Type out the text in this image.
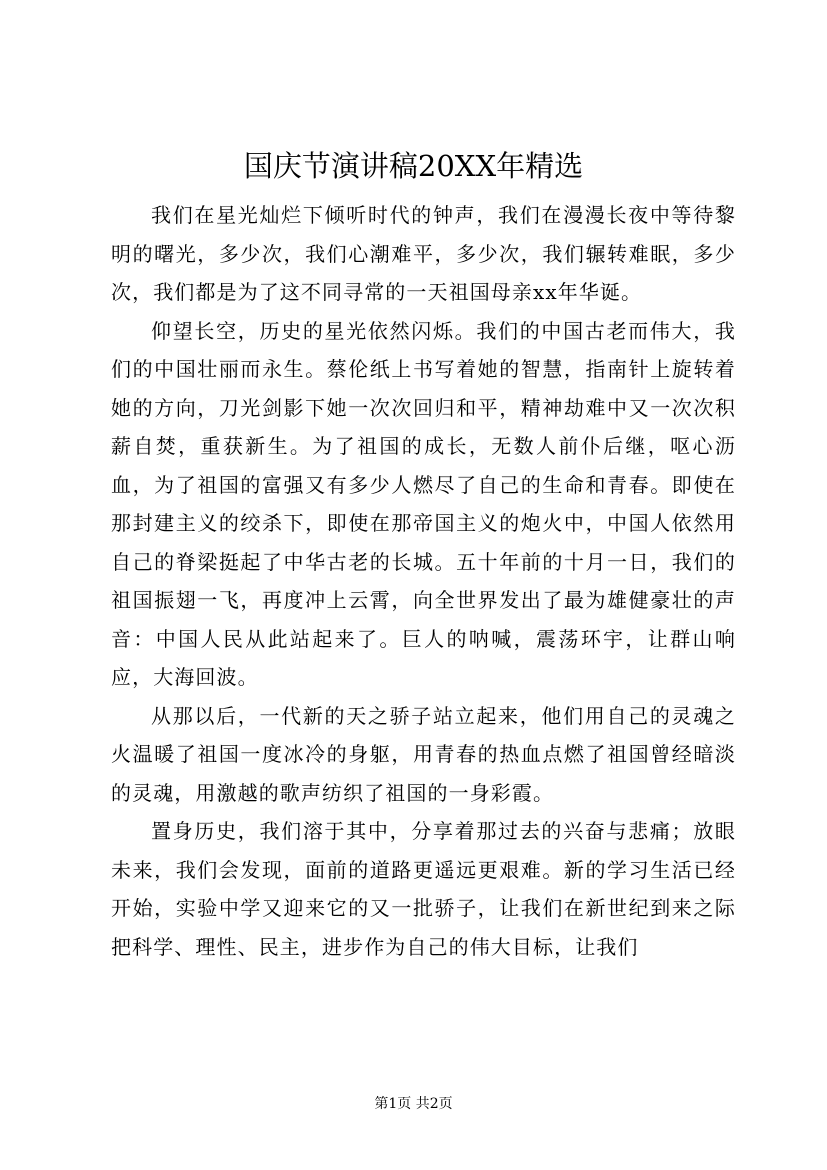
国庆节演讲稿20XX年精选

我们在星光灿烂下倾听时代的钟声，我们在漫漫长夜中等待黎明的曙光，多少次，我们心潮难平，多少次，我们辗转难眠，多少次，我们都是为了这不同寻常的一天祖国母亲xx年华诞。

仰望长空，历史的星光依然闪烁。我们的中国古老而伟大，我们的中国壮丽而永生。蔡伦纸上书写着她的智慧，指南针上旋转着她的方向，刀光剑影下她一次次回归和平，精神劫难中又一次次积薪自焚，重获新生。为了祖国的成长，无数人前仆后继，呕心沥血，为了祖国的富强又有多少人燃尽了自己的生命和青春。即使在那封建主义的绞杀下，即使在那帝国主义的炮火中，中国人依然用自己的脊梁挺起了中华古老的长城。五十年前的十月一日，我们的祖国振翅一飞，再度冲上云霄，向全世界发出了最为雄健豪壮的声音：中国人民从此站起来了。巨人的呐喊，震荡环宇，让群山响应，大海回波。

从那以后，一代新的天之骄子站立起来，他们用自己的灵魂之火温暖了祖国一度冰冷的身躯，用青春的热血点燃了祖国曾经暗淡的灵魂，用激越的歌声纺织了祖国的一身彩霞。

置身历史，我们溶于其中，分享着那过去的兴奋与悲痛；放眼未来，我们会发现，面前的道路更遥远更艰难。新的学习生活已经开始，实验中学又迎来它的又一批骄子，让我们在新世纪到来之际把科学、理性、民主，进步作为自己的伟大目标，让我们

第1页 共2页
